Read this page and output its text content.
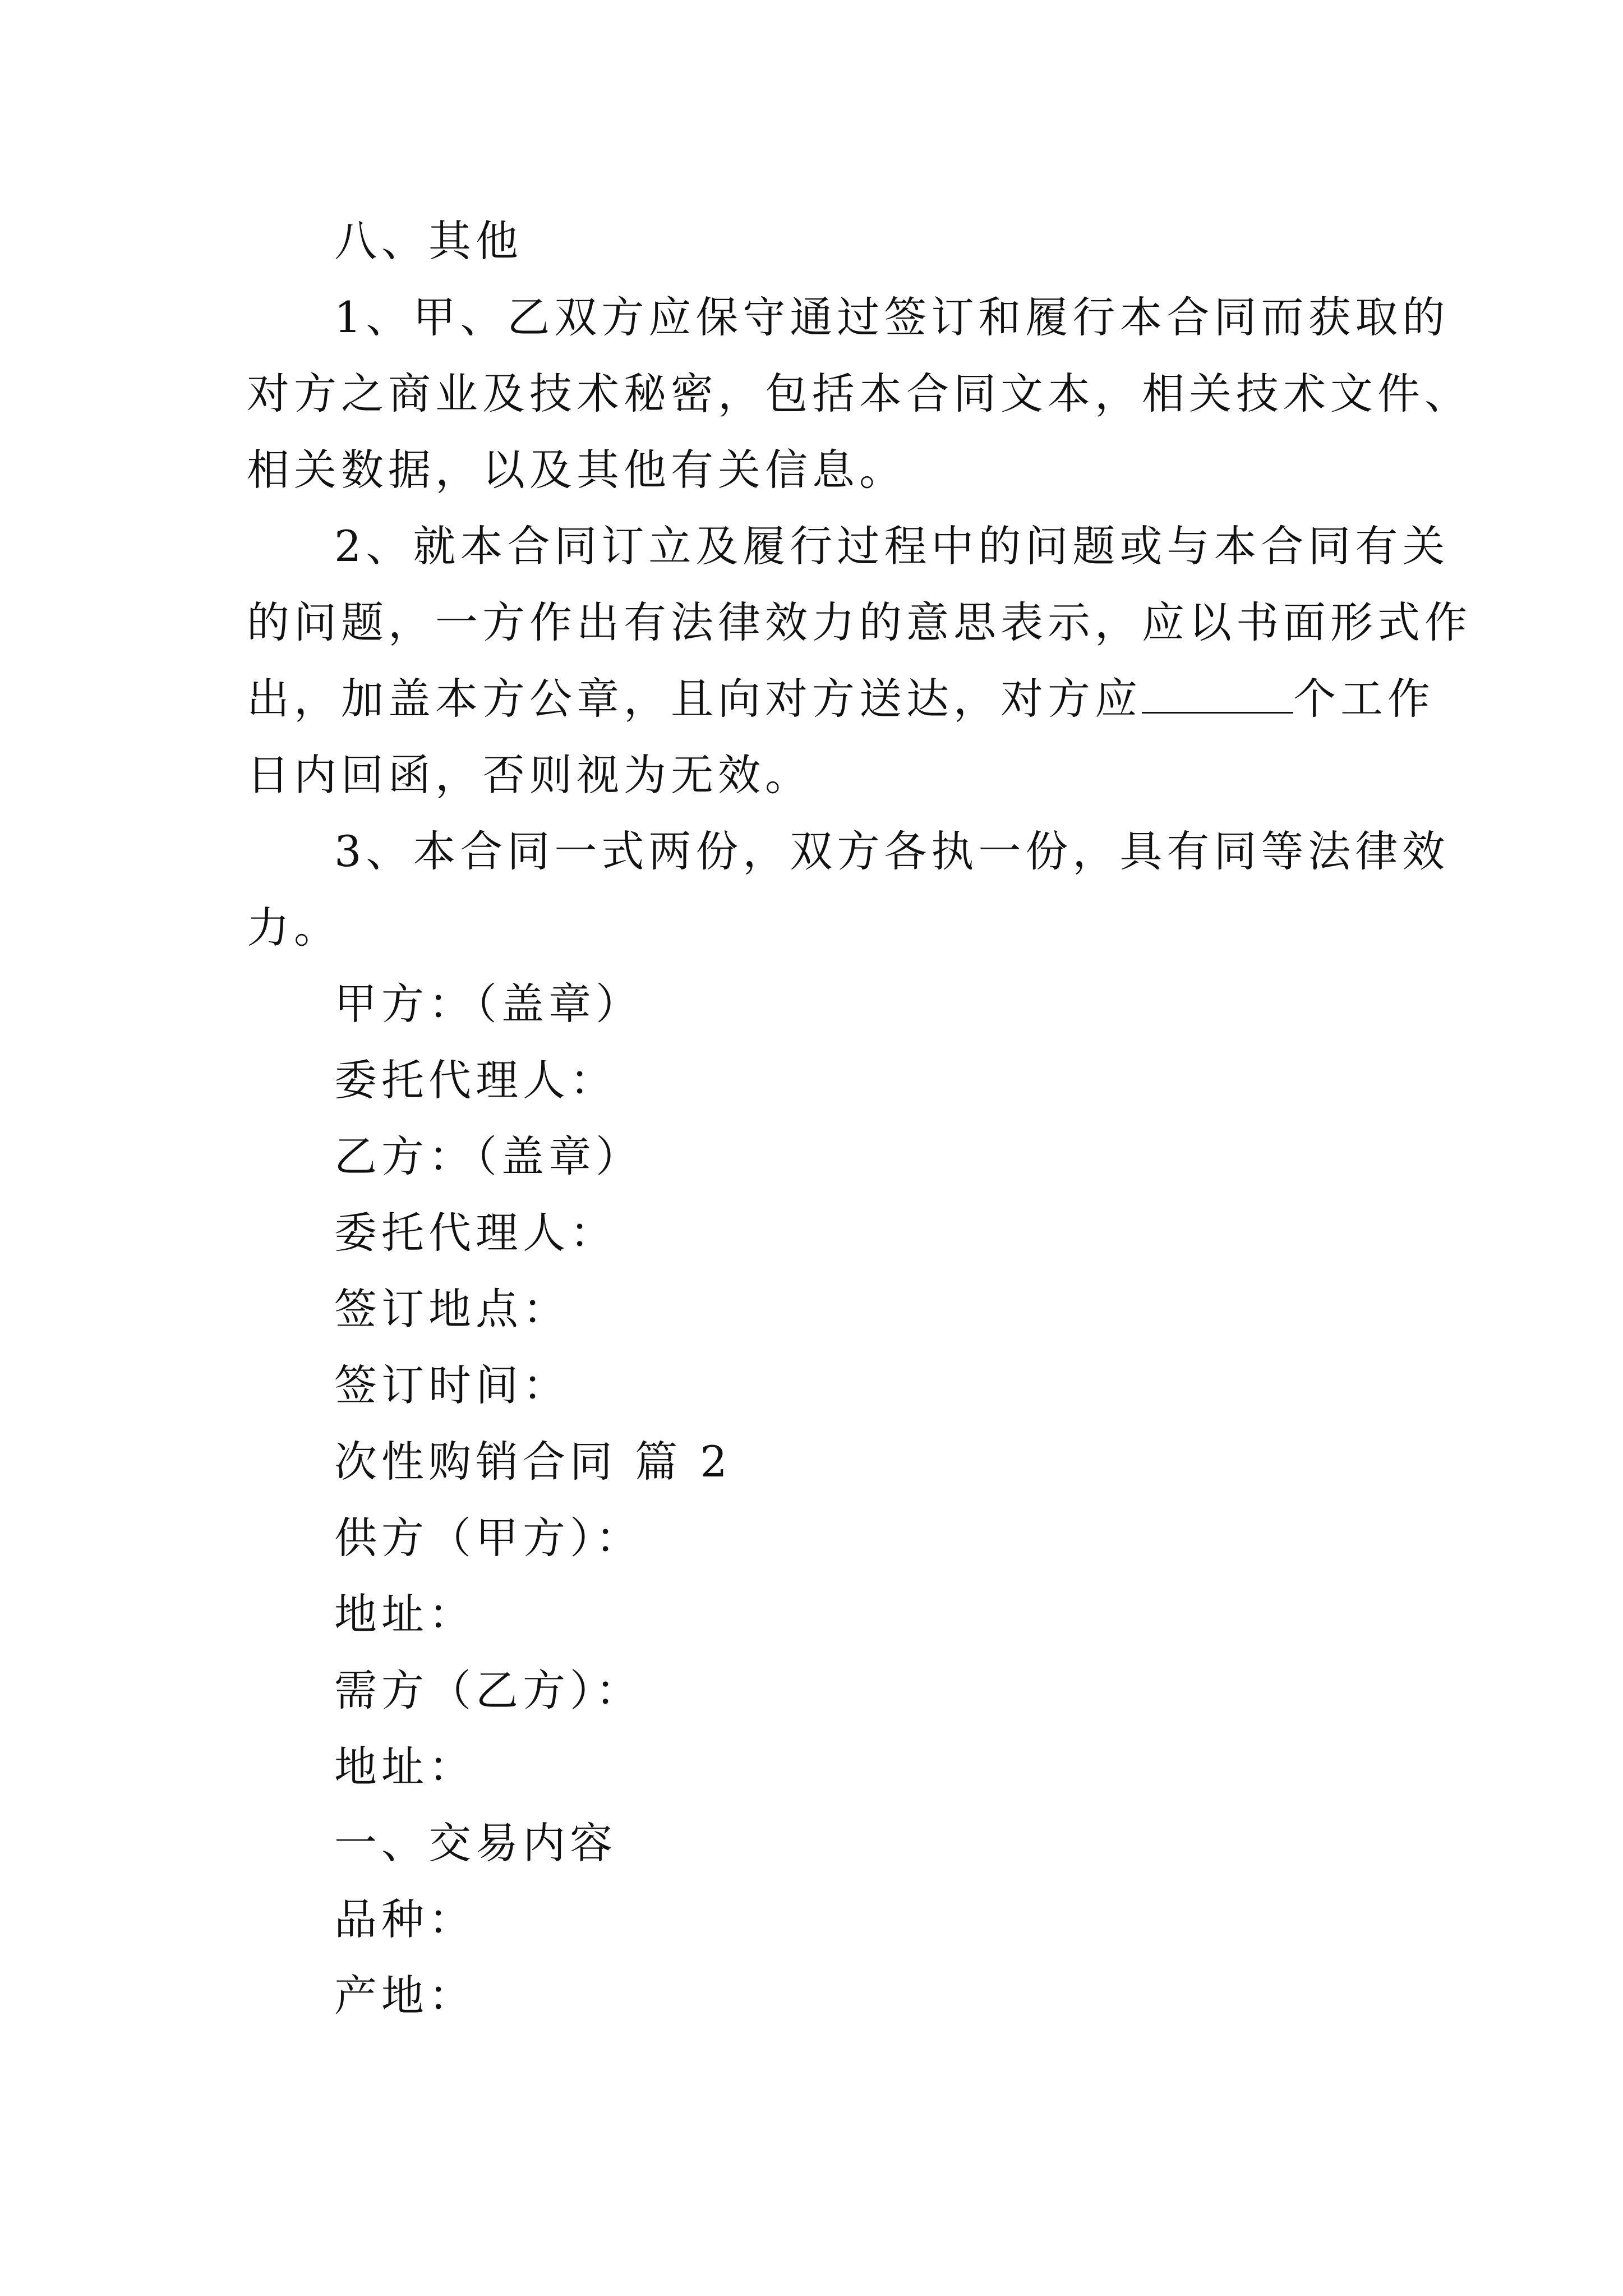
八、其他

1、甲、乙双方应保守通过签订和履行本合同而获取的

对方之商业及技术秘密，包括本合同文本，相关技术文件、

相关数据，以及其他有关信息。

2、就本合同订立及履行过程中的问题或与本合同有关

的问题，一方作出有法律效力的意思表示，应以书面形式作

出，加盖本方公章，且向对方送达，对方应	个工作

日内回函，否则视为无效。

3、本合同一式两份，双方各执一份，具有同等法律效

力。

甲方：（盖章）

委托代理人：

乙方：（盖章）

委托代理人：

签订地点：

签订时间：

次性购销合同 篇 2

供方（甲方）：

地址：

需方（乙方）：

地址：

一、交易内容

品种：

产地：
